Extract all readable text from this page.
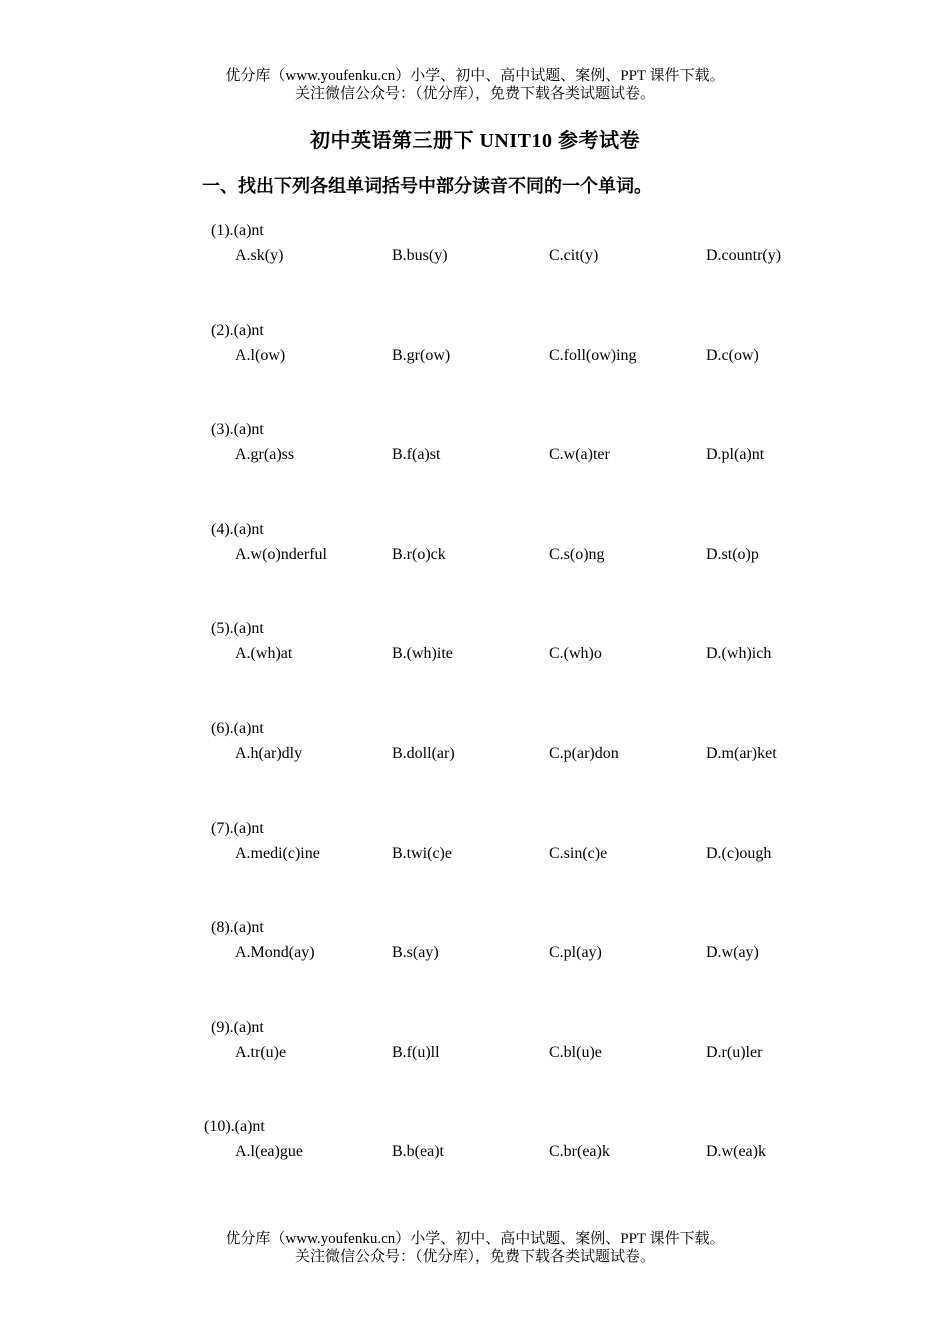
优分库（www.youfenku.cn）小学、初中、高中试题、案例、PPT 课件下载。
关注微信公众号：（优分库），免费下载各类试题试卷。
初中英语第三册下 UNIT10 参考试卷
一、找出下列各组单词括号中部分读音不同的一个单词。
(1).(a)nt
A.sk(y)	B.bus(y)	C.cit(y)	D.countr(y)
(2).(a)nt
A.l(ow)	B.gr(ow)	C.foll(ow)ing	D.c(ow)
(3).(a)nt
A.gr(a)ss	B.f(a)st	C.w(a)ter	D.pl(a)nt
(4).(a)nt
A.w(o)nderful	B.r(o)ck	C.s(o)ng	D.st(o)p
(5).(a)nt
A.(wh)at	B.(wh)ite	C.(wh)o	D.(wh)ich
(6).(a)nt
A.h(ar)dly	B.doll(ar)	C.p(ar)don	D.m(ar)ket
(7).(a)nt
A.medi(c)ine	B.twi(c)e	C.sin(c)e	D.(c)ough
(8).(a)nt
A.Mond(ay)	B.s(ay)	C.pl(ay)	D.w(ay)
(9).(a)nt
A.tr(u)e	B.f(u)ll	C.bl(u)e	D.r(u)ler
(10).(a)nt
A.l(ea)gue	B.b(ea)t	C.br(ea)k	D.w(ea)k
优分库（www.youfenku.cn）小学、初中、高中试题、案例、PPT 课件下载。
关注微信公众号：（优分库），免费下载各类试题试卷。
